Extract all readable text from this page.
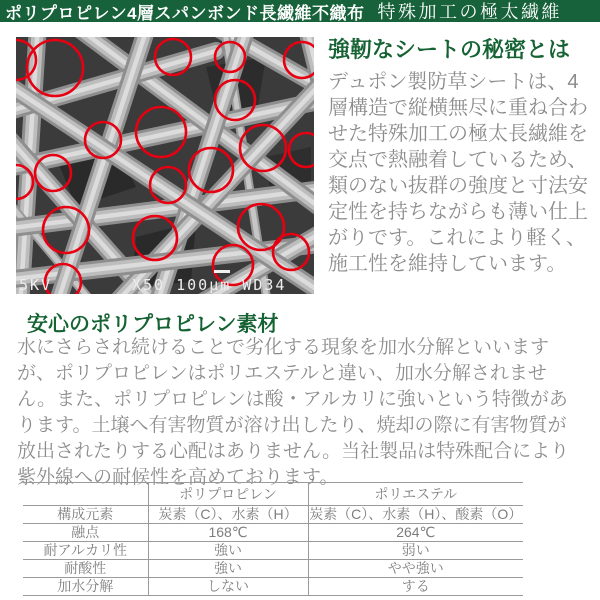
ポリプロピレン4層スパンボンド長繊維不織布 特殊加工の極太繊維
5KV	X50 100μm WD34
強靭なシートの秘密とは
デュポン製防草シートは、4層構造で縦横無尽に重ね合わせた特殊加工の極太長繊維を交点で熱融着しているため、類のない抜群の強度と寸法安定性を持ちながらも薄い仕上がりです。これにより軽く、施工性を維持しています。
安心のポリプロピレン素材
水にさらされ続けることで劣化する現象を加水分解といいますが、ポリプロピレンはポリエステルと違い、加水分解されません。また、ポリプロピレンは酸・アルカリに強いという特徴があります。土壌へ有害物質が溶け出したり、焼却の際に有害物質が放出されたりする心配はありません。当社製品は特殊配合により紫外線への耐候性を高めております。
	ポリプロピレン	ポリエステル
構成元素	炭素（C）、水素（H）	炭素（C）、水素（H）、酸素（O）
融点	168℃	264℃
耐アルカリ性	強い	弱い
耐酸性	強い	やや強い
加水分解	しない	する
